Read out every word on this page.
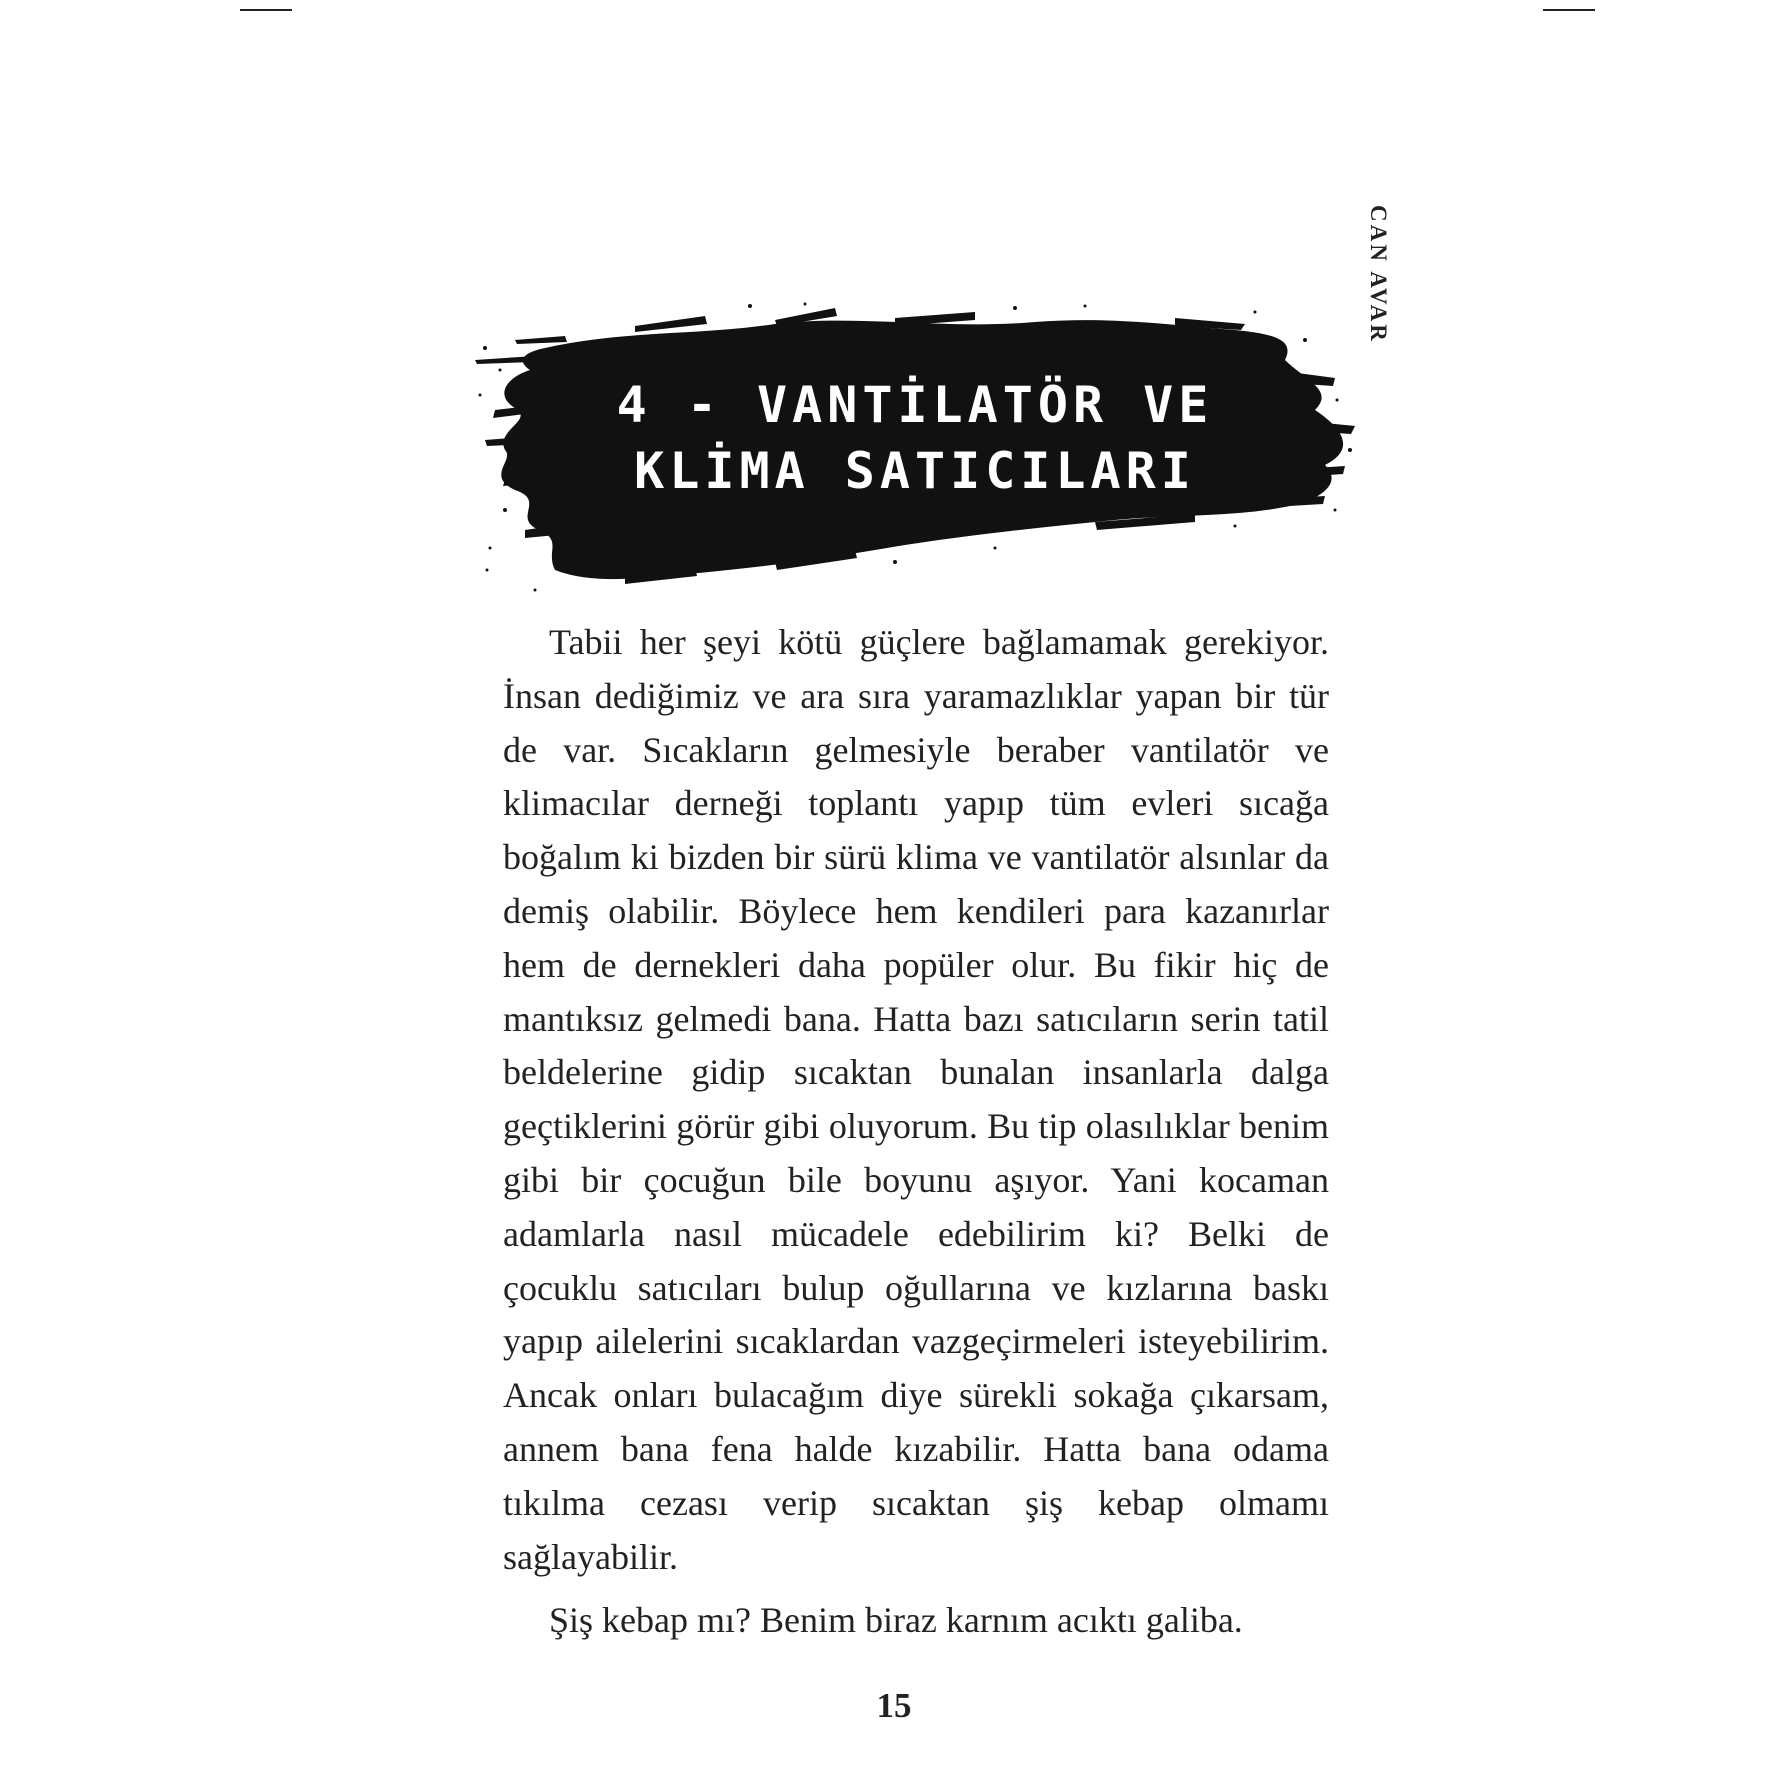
CAN AVAR
4 - VANTİLATÖR VE
KLİMA SATICILARI

Tabii her şeyi kötü güçlere bağlamamak gerekiyor. İnsan dediğimiz ve ara sıra yaramazlıklar yapan bir tür de var. Sıcakların gelmesiyle beraber vantilatör ve klimacılar derneği toplantı yapıp tüm evleri sıcağa boğalım ki bizden bir sürü klima ve vantilatör alsınlar da demiş olabilir. Böylece hem kendileri para kazanırlar hem de dernekleri daha popüler olur. Bu fikir hiç de mantıksız gelmedi bana. Hatta bazı satıcıların serin tatil beldelerine gidip sıcaktan bunalan insanlarla dalga geçtiklerini görür gibi oluyorum. Bu tip olasılıklar benim gibi bir çocuğun bile boyunu aşıyor. Yani kocaman adamlarla nasıl mücadele edebilirim ki? Belki de çocuklu satıcıları bulup oğullarına ve kızlarına baskı yapıp ailelerini sıcaklardan vazgeçirmeleri isteyebilirim. Ancak onları bulacağım diye sürekli sokağa çıkarsam, annem bana fena halde kızabilir. Hatta bana odama tıkılma cezası verip sıcaktan şiş kebap olmamı sağlayabilir.

Şiş kebap mı? Benim biraz karnım acıktı galiba.

15
